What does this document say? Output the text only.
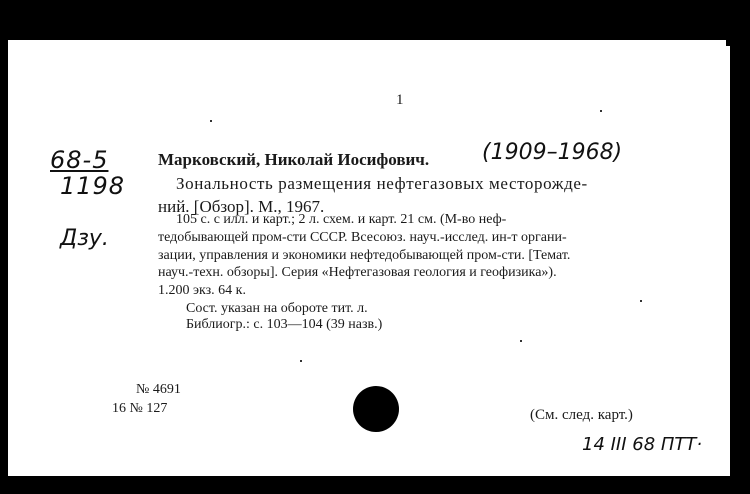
1
68-5
1198
Дзу.
Марковский, Николай Иосифович. (1909–1968)
Зональность размещения нефтегазовых месторожде-
ний. [Обзор]. М., 1967.
105 с. с илл. и карт.; 2 л. схем. и карт. 21 см. (М-во неф-
тедобывающей пром-сти СССР. Всесоюз. науч.-исслед. ин-т органи-
зации, управления и экономики нефтедобывающей пром-сти. [Темат.
науч.-техн. обзоры]. Серия «Нефтегазовая геология и геофизика»).
1.200 экз. 64 к.
Сост. указан на обороте тит. л.
Библиогр.: с. 103—104 (39 назв.)
№ 4691
16 № 127	(См. след. карт.)
14 ІІІ 68 ПТТ·
